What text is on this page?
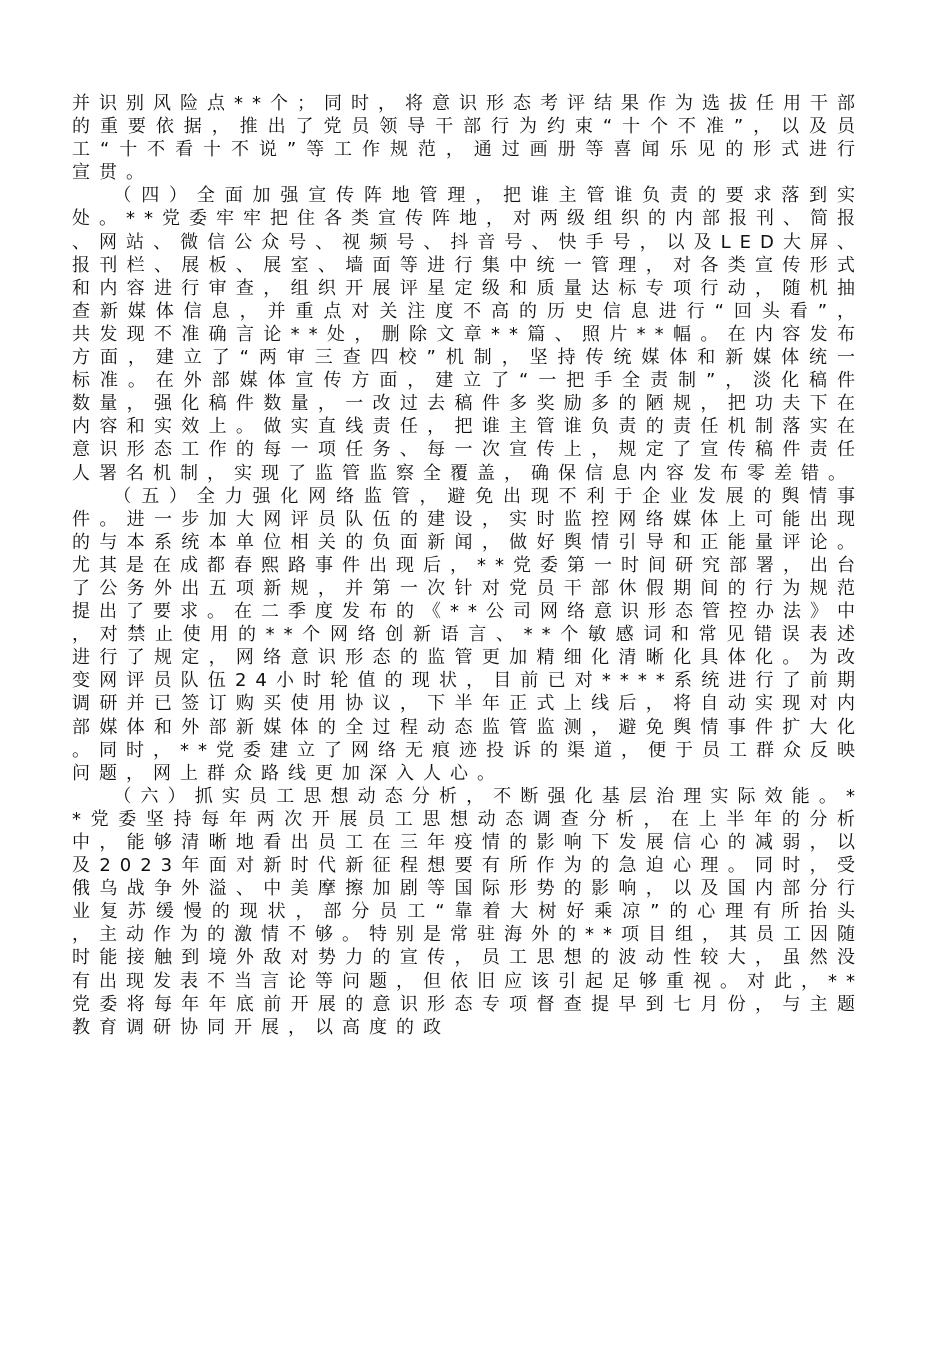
并识别风险点**个；同时，将意识形态考评结果作为选拔任用干部的重要依据，推出了党员领导干部行为约束“十个不准”，以及员工“十不看十不说”等工作规范，通过画册等喜闻乐见的形式进行宣贯。

（四）全面加强宣传阵地管理，把谁主管谁负责的要求落到实处。**党委牢牢把住各类宣传阵地，对两级组织的内部报刊、简报、网站、微信公众号、视频号、抖音号、快手号，以及LED大屏、报刊栏、展板、展室、墙面等进行集中统一管理，对各类宣传形式和内容进行审查，组织开展评星定级和质量达标专项行动，随机抽查新媒体信息，并重点对关注度不高的历史信息进行“回头看”，共发现不准确言论**处，删除文章**篇、照片**幅。在内容发布方面，建立了“两审三查四校”机制，坚持传统媒体和新媒体统一标准。在外部媒体宣传方面，建立了“一把手全责制”，淡化稿件数量，强化稿件数量，一改过去稿件多奖励多的陋规，把功夫下在内容和实效上。做实直线责任，把谁主管谁负责的责任机制落实在意识形态工作的每一项任务、每一次宣传上，规定了宣传稿件责任人署名机制，实现了监管监察全覆盖，确保信息内容发布零差错。

（五）全力强化网络监管，避免出现不利于企业发展的舆情事件。进一步加大网评员队伍的建设，实时监控网络媒体上可能出现的与本系统本单位相关的负面新闻，做好舆情引导和正能量评论。尤其是在成都春熙路事件出现后，**党委第一时间研究部署，出台了公务外出五项新规，并第一次针对党员干部休假期间的行为规范提出了要求。在二季度发布的《**公司网络意识形态管控办法》中，对禁止使用的**个网络创新语言、**个敏感词和常见错误表述进行了规定，网络意识形态的监管更加精细化清晰化具体化。为改变网评员队伍24小时轮值的现状，目前已对****系统进行了前期调研并已签订购买使用协议，下半年正式上线后，将自动实现对内部媒体和外部新媒体的全过程动态监管监测，避免舆情事件扩大化。同时，**党委建立了网络无痕迹投诉的渠道，便于员工群众反映问题，网上群众路线更加深入人心。

（六）抓实员工思想动态分析，不断强化基层治理实际效能。**党委坚持每年两次开展员工思想动态调查分析，在上半年的分析中，能够清晰地看出员工在三年疫情的影响下发展信心的减弱，以及2023年面对新时代新征程想要有所作为的急迫心理。同时，受俄乌战争外溢、中美摩擦加剧等国际形势的影响，以及国内部分行业复苏缓慢的现状，部分员工“靠着大树好乘凉”的心理有所抬头，主动作为的激情不够。特别是常驻海外的**项目组，其员工因随时能接触到境外敌对势力的宣传，员工思想的波动性较大，虽然没有出现发表不当言论等问题，但依旧应该引起足够重视。对此，**党委将每年年底前开展的意识形态专项督查提早到七月份，与主题教育调研协同开展，以高度的政
